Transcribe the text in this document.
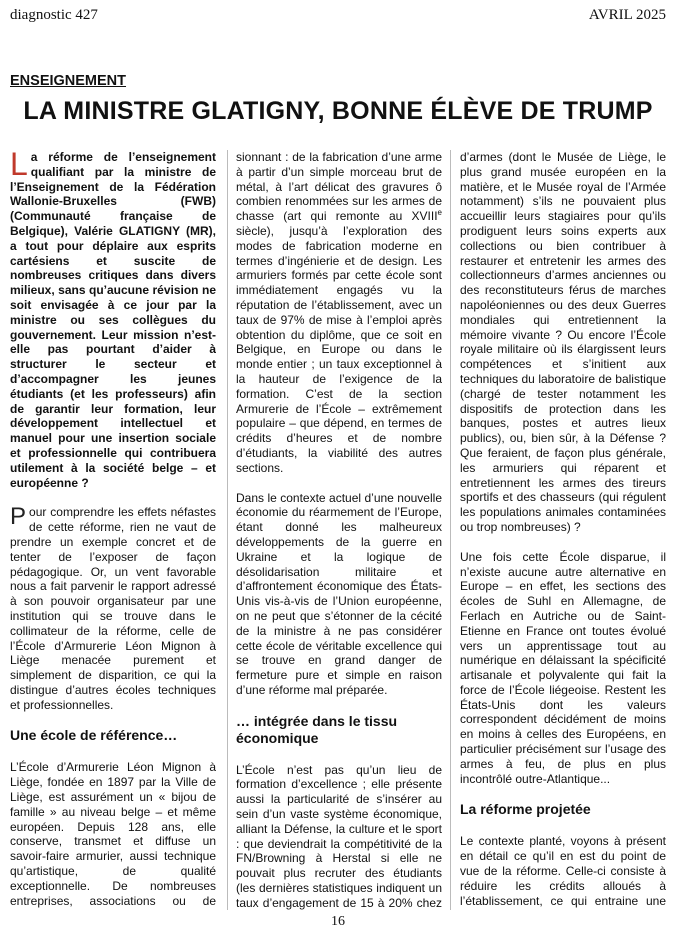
diagnostic 427	AVRIL 2025
ENSEIGNEMENT
LA MINISTRE GLATIGNY, BONNE ÉLÈVE DE TRUMP

La réforme de l’enseignement qualifiant par la ministre de l’Enseignement de la Fédération Wallonie-Bruxelles (FWB) (Communauté française de Belgique), Valérie GLATIGNY (MR), a tout pour déplaire aux esprits cartésiens et suscite de nombreuses critiques dans divers milieux, sans qu’aucune révision ne soit envisagée à ce jour par la ministre ou ses collègues du gouvernement. Leur mission n’est-elle pas pourtant d’aider à structurer le secteur et d’accompagner les jeunes étudiants (et les professeurs) afin de garantir leur formation, leur développement intellectuel et manuel pour une insertion sociale et professionnelle qui contribuera utilement à la société belge – et européenne ?

Pour comprendre les effets néfastes de cette réforme, rien ne vaut de prendre un exemple concret et de tenter de l’exposer de façon pédagogique. Or, un vent favorable nous a fait parvenir le rapport adressé à son pouvoir organisateur par une institution qui se trouve dans le collimateur de la réforme, celle de l’École d’Armurerie Léon Mignon à Liège menacée purement et simplement de disparition, ce qui la distingue d’autres écoles techniques et professionnelles.

Une école de référence…

L’École d’Armurerie Léon Mignon à Liège, fondée en 1897 par la Ville de Liège, est assurément un « bijou de famille » au niveau belge – et même européen. Depuis 128 ans, elle conserve, transmet et diffuse un savoir-faire armurier, aussi technique qu’artistique, de qualité exceptionnelle. De nombreuses entreprises, associations ou de

sionnant : de la fabrication d’une arme à partir d’un simple morceau brut de métal, à l’art délicat des gravures ô combien renommées sur les armes de chasse (art qui remonte au XVIIIe siècle), jusqu’à l’exploration des modes de fabrication moderne en termes d’ingénierie et de design. Les armuriers formés par cette école sont immédiatement engagés vu la réputation de l’établissement, avec un taux de 97% de mise à l’emploi après obtention du diplôme, que ce soit en Belgique, en Europe ou dans le monde entier ; un taux exceptionnel à la hauteur de l’exigence de la formation. C’est de la section Armurerie de l’École – extrêmement populaire – que dépend, en termes de crédits d’heures et de nombre d’étudiants, la viabilité des autres sections.

Dans le contexte actuel d’une nouvelle économie du réarmement de l’Europe, étant donné les malheureux développements de la guerre en Ukraine et la logique de désolidarisation militaire et d’affrontement économique des États-Unis vis-à-vis de l’Union européenne, on ne peut que s’étonner de la cécité de la ministre à ne pas considérer cette école de véritable excellence qui se trouve en grand danger de fermeture pure et simple en raison d’une réforme mal préparée.

… intégrée dans le tissu économique

L’École n’est pas qu’un lieu de formation d’excellence ; elle présente aussi la particularité de s’insérer au sein d’un vaste système économique, alliant la Défense, la culture et le sport : que deviendrait la compétitivité de la FN/Browning à Herstal si elle ne pouvait plus recruter des étudiants (les dernières statistiques indiquent un taux d’engagement de 15 à 20% chez

d’armes (dont le Musée de Liège, le plus grand musée européen en la matière, et le Musée royal de l’Armée notamment) s’ils ne pouvaient plus accueillir leurs stagiaires pour qu’ils prodiguent leurs soins experts aux collections ou bien contribuer à restaurer et entretenir les armes des collectionneurs d’armes anciennes ou des reconstituteurs férus de marches napoléoniennes ou des deux Guerres mondiales qui entretiennent la mémoire vivante ? Ou encore l’École royale militaire où ils élargissent leurs compétences et s’initient aux techniques du laboratoire de balistique (chargé de tester notamment les dispositifs de protection dans les banques, postes et autres lieux publics), ou, bien sûr, à la Défense ? Que feraient, de façon plus générale, les armuriers qui réparent et entretiennent les armes des tireurs sportifs et des chasseurs (qui régulent les populations animales contaminées ou trop nombreuses) ?

Une fois cette École disparue, il n’existe aucune autre alternative en Europe – en effet, les sections des écoles de Suhl en Allemagne, de Ferlach en Autriche ou de Saint-Etienne en France ont toutes évolué vers un apprentissage tout au numérique en délaissant la spécificité artisanale et polyvalente qui fait la force de l’École liégeoise. Restent les États-Unis dont les valeurs correspondent décidément de moins en moins à celles des Européens, en particulier précisément sur l’usage des armes à feu, de plus en plus incontrôlé outre-Atlantique...

La réforme projetée

Le contexte planté, voyons à présent en détail ce qu’il en est du point de vue de la réforme. Celle-ci consiste à réduire les crédits alloués à l’établissement, ce qui entraine une

16
